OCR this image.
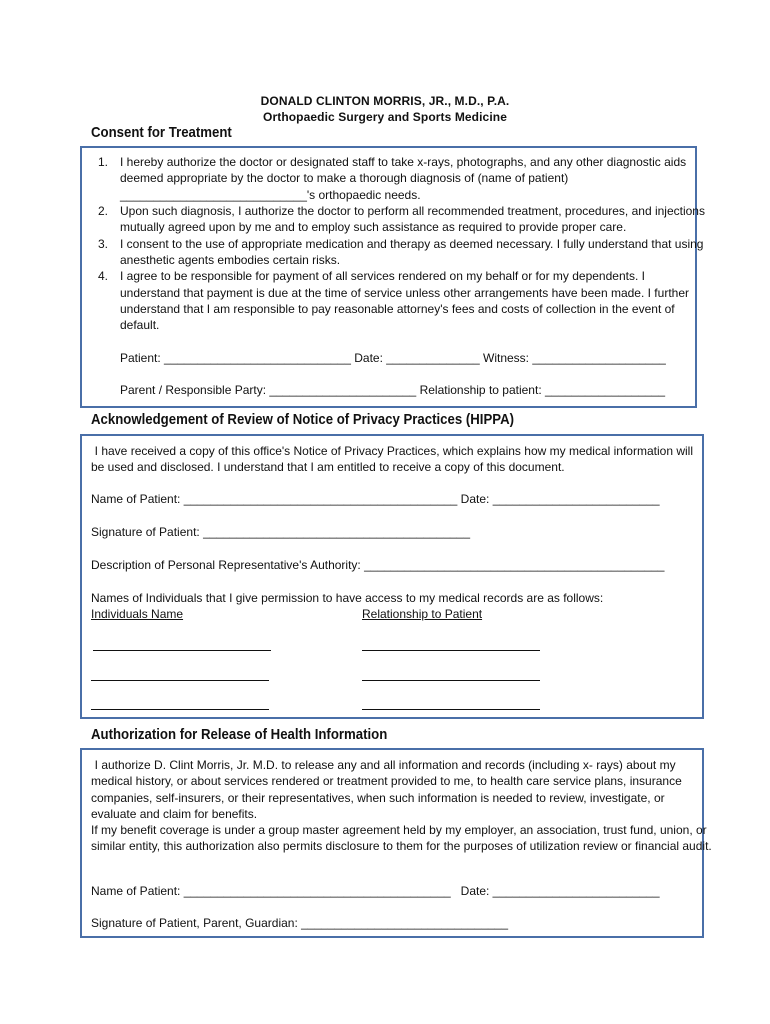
DONALD CLINTON MORRIS, JR., M.D., P.A.
Orthopaedic Surgery and Sports Medicine
Consent for Treatment
1. I hereby authorize the doctor or designated staff to take x-rays, photographs, and any other diagnostic aids
deemed appropriate by the doctor to make a thorough diagnosis of (name of patient)
____________________________'s orthopaedic needs.
2. Upon such diagnosis, I authorize the doctor to perform all recommended treatment, procedures, and injections
mutually agreed upon by me and to employ such assistance as required to provide proper care.
3. I consent to the use of appropriate medication and therapy as deemed necessary. I fully understand that using
anesthetic agents embodies certain risks.
4. I agree to be responsible for payment of all services rendered on my behalf or for my dependents. I
understand that payment is due at the time of service unless other arrangements have been made. I further
understand that I am responsible to pay reasonable attorney's fees and costs of collection in the event of
default.
Patient: ____________________________ Date: ______________ Witness: ____________________
Parent / Responsible Party: ______________________ Relationship to patient: __________________
Acknowledgement of Review of Notice of Privacy Practices (HIPPA)
I have received a copy of this office's Notice of Privacy Practices, which explains how my medical information will
be used and disclosed. I understand that I am entitled to receive a copy of this document.
Name of Patient: _________________________________________ Date: _________________________
Signature of Patient: ________________________________________
Description of Personal Representative's Authority: _____________________________________________
Names of Individuals that I give permission to have access to my medical records are as follows:
Individuals Name	Relationship to Patient
Authorization for Release of Health Information
I authorize D. Clint Morris, Jr. M.D. to release any and all information and records (including x- rays) about my
medical history, or about services rendered or treatment provided to me, to health care service plans, insurance
companies, self-insurers, or their representatives, when such information is needed to review, investigate, or
evaluate and claim for benefits.
If my benefit coverage is under a group master agreement held by my employer, an association, trust fund, union, or
similar entity, this authorization also permits disclosure to them for the purposes of utilization review or financial audit.
Name of Patient: ________________________________________   Date: _________________________
Signature of Patient, Parent, Guardian: _______________________________
